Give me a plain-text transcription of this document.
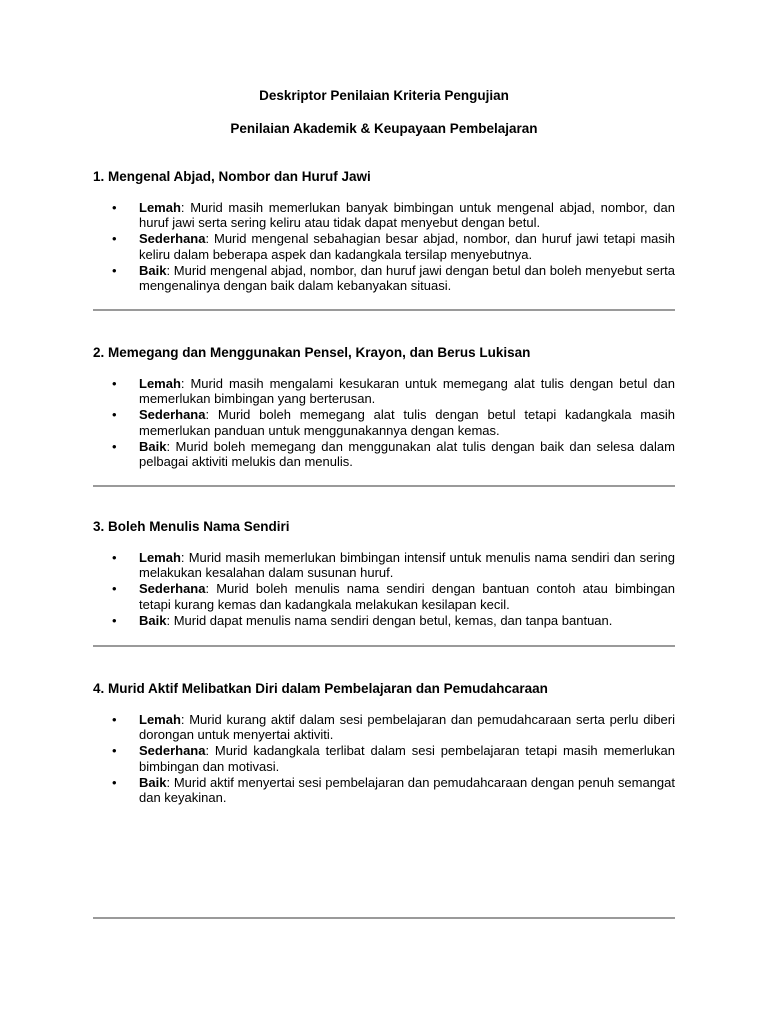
Deskriptor Penilaian Kriteria Pengujian
Penilaian Akademik & Keupayaan Pembelajaran

1. Mengenal Abjad, Nombor dan Huruf Jawi

• Lemah: Murid masih memerlukan banyak bimbingan untuk mengenal abjad, nombor, dan huruf jawi serta sering keliru atau tidak dapat menyebut dengan betul.
• Sederhana: Murid mengenal sebahagian besar abjad, nombor, dan huruf jawi tetapi masih keliru dalam beberapa aspek dan kadangkala tersilap menyebutnya.
• Baik: Murid mengenal abjad, nombor, dan huruf jawi dengan betul dan boleh menyebut serta mengenalinya dengan baik dalam kebanyakan situasi.

2. Memegang dan Menggunakan Pensel, Krayon, dan Berus Lukisan

• Lemah: Murid masih mengalami kesukaran untuk memegang alat tulis dengan betul dan memerlukan bimbingan yang berterusan.
• Sederhana: Murid boleh memegang alat tulis dengan betul tetapi kadangkala masih memerlukan panduan untuk menggunakannya dengan kemas.
• Baik: Murid boleh memegang dan menggunakan alat tulis dengan baik dan selesa dalam pelbagai aktiviti melukis dan menulis.

3. Boleh Menulis Nama Sendiri

• Lemah: Murid masih memerlukan bimbingan intensif untuk menulis nama sendiri dan sering melakukan kesalahan dalam susunan huruf.
• Sederhana: Murid boleh menulis nama sendiri dengan bantuan contoh atau bimbingan tetapi kurang kemas dan kadangkala melakukan kesilapan kecil.
• Baik: Murid dapat menulis nama sendiri dengan betul, kemas, dan tanpa bantuan.

4. Murid Aktif Melibatkan Diri dalam Pembelajaran dan Pemudahcaraan

• Lemah: Murid kurang aktif dalam sesi pembelajaran dan pemudahcaraan serta perlu diberi dorongan untuk menyertai aktiviti.
• Sederhana: Murid kadangkala terlibat dalam sesi pembelajaran tetapi masih memerlukan bimbingan dan motivasi.
• Baik: Murid aktif menyertai sesi pembelajaran dan pemudahcaraan dengan penuh semangat dan keyakinan.
